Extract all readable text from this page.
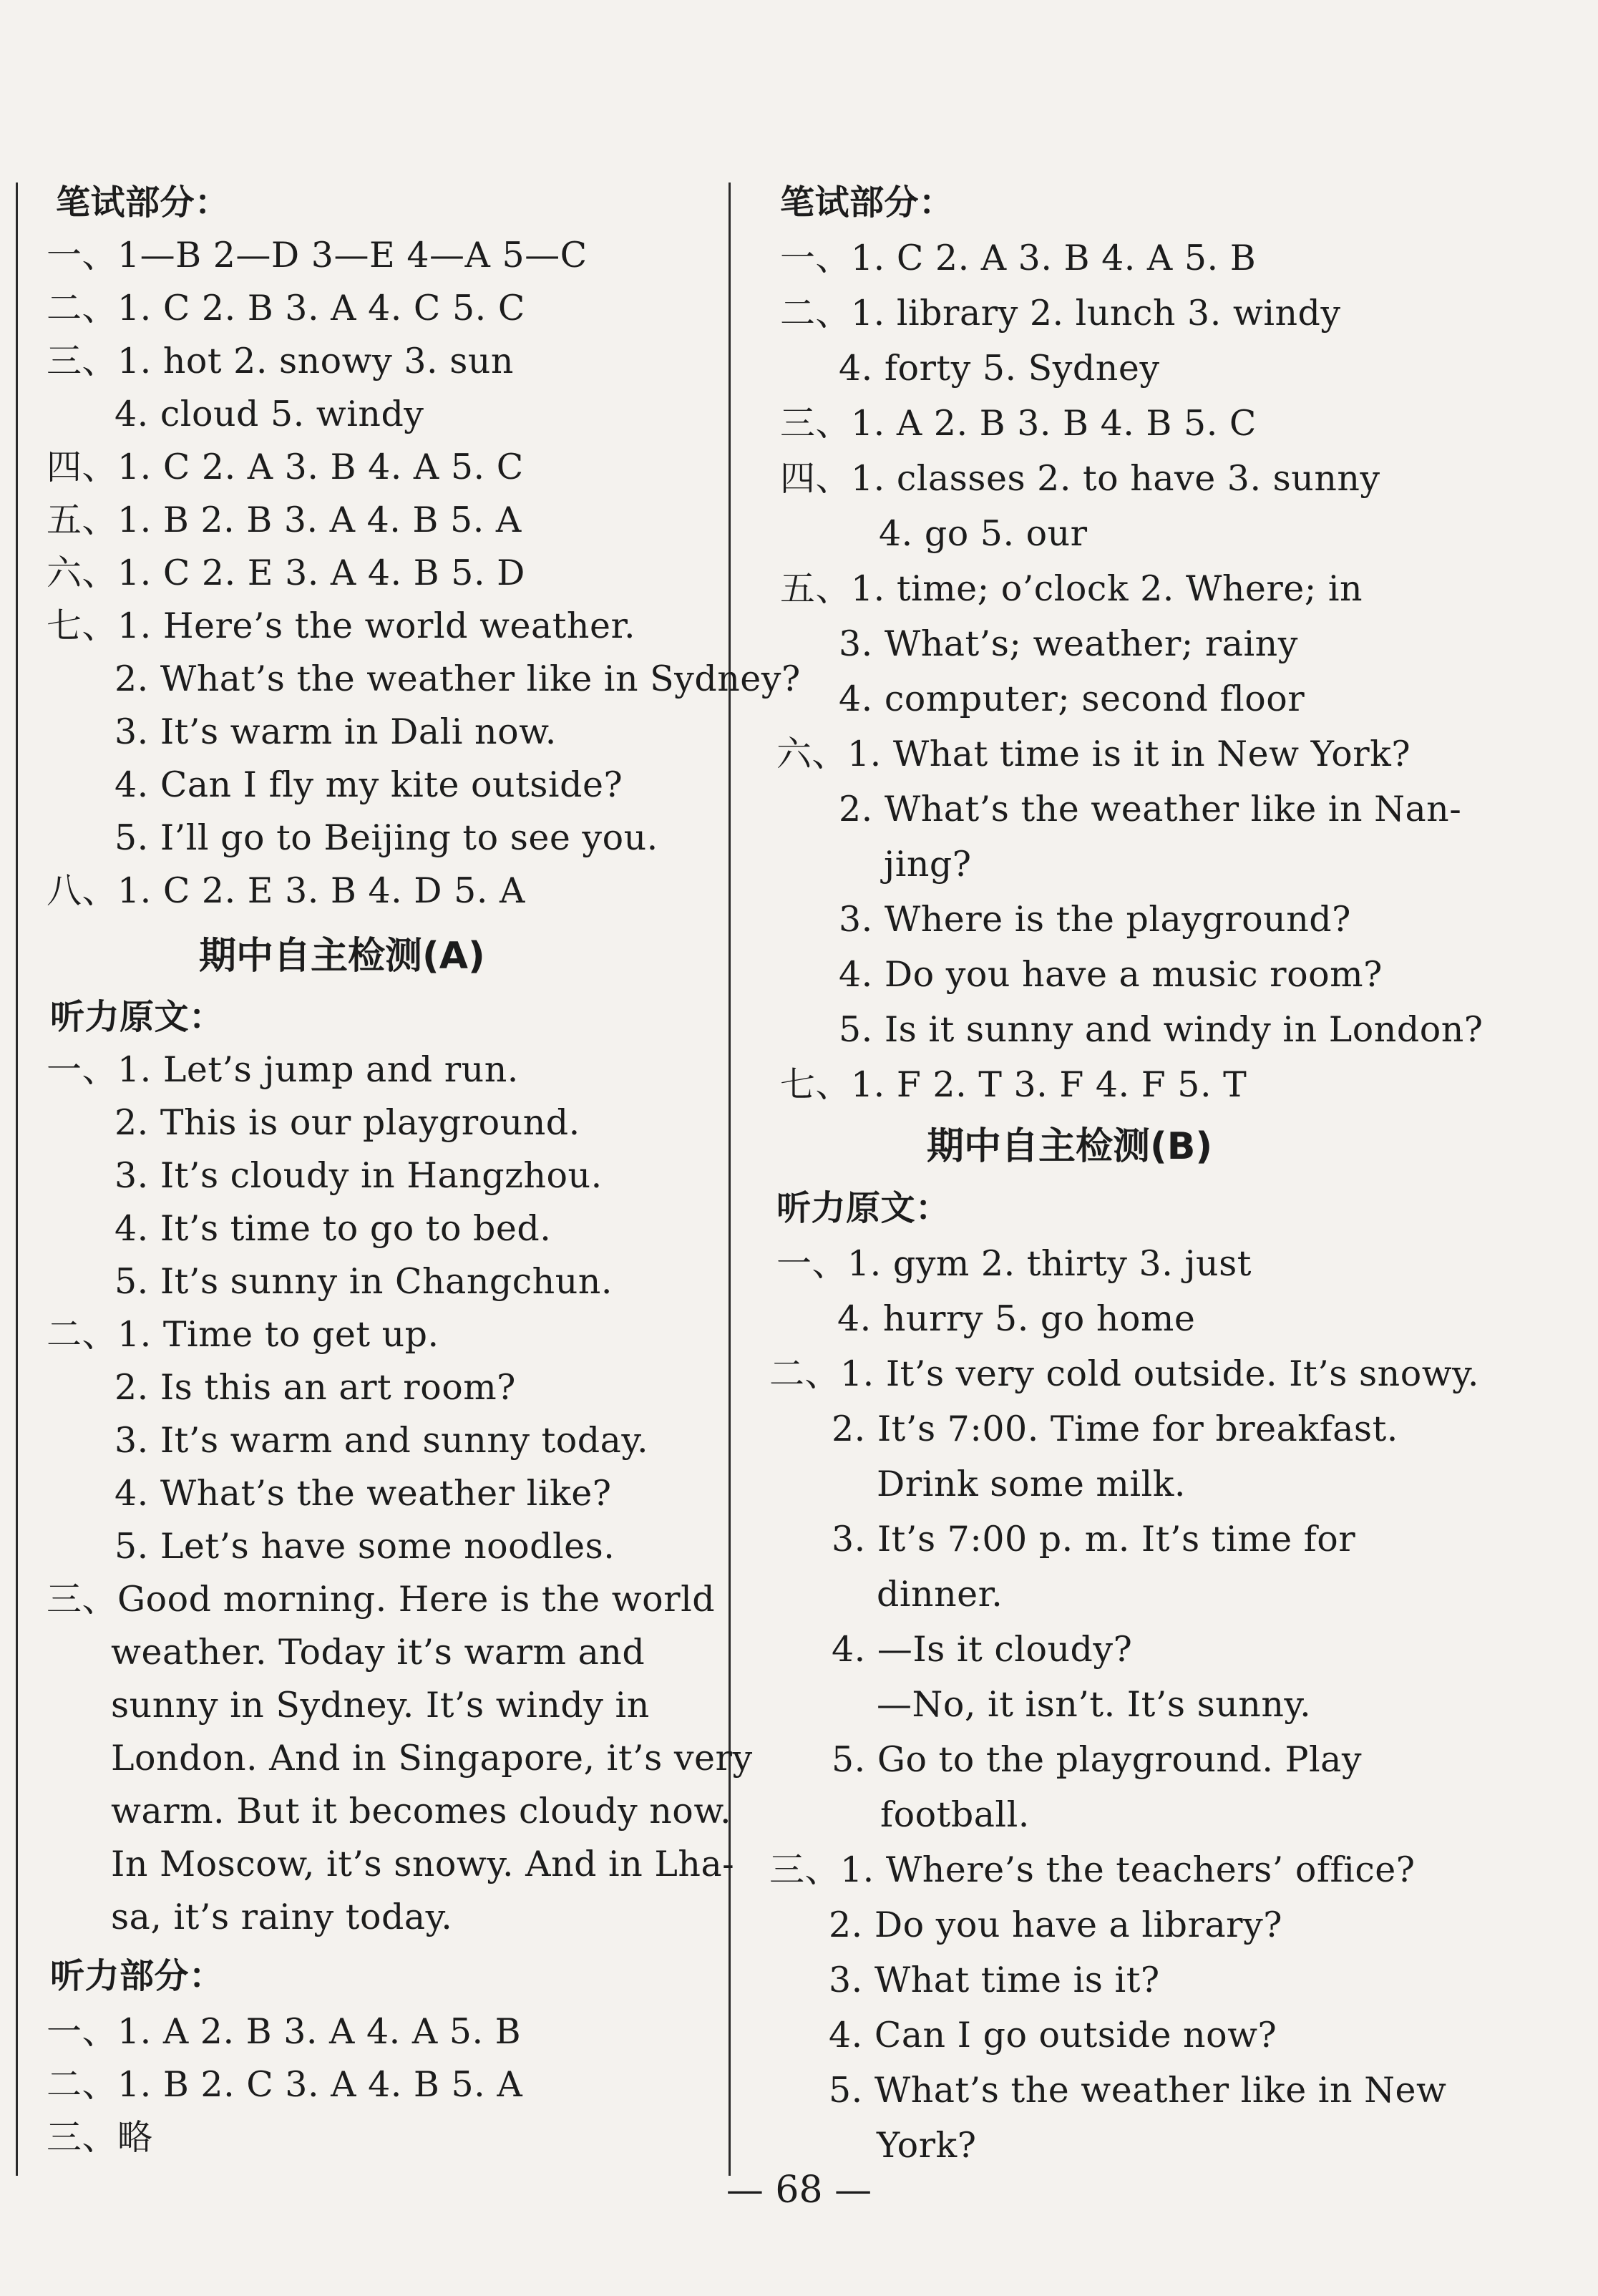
笔试部分：
一、1—B 2—D 3—E 4—A 5—C
二、1. C 2. B 3. A 4. C 5. C
三、1. hot 2. snowy 3. sun
4. cloud 5. windy
四、1. C 2. A 3. B 4. A 5. C
五、1. B 2. B 3. A 4. B 5. A
六、1. C 2. E 3. A 4. B 5. D
七、1. Here’s the world weather.
2. What’s the weather like in Sydney?
3. It’s warm in Dali now.
4. Can I fly my kite outside?
5. I’ll go to Beijing to see you.
八、1. C 2. E 3. B 4. D 5. A
期中自主检测(A)
听力原文：
一、1. Let’s jump and run.
2. This is our playground.
3. It’s cloudy in Hangzhou.
4. It’s time to go to bed.
5. It’s sunny in Changchun.
二、1. Time to get up.
2. Is this an art room?
3. It’s warm and sunny today.
4. What’s the weather like?
5. Let’s have some noodles.
三、Good morning. Here is the world
weather. Today it’s warm and
sunny in Sydney. It’s windy in
London. And in Singapore, it’s very
warm. But it becomes cloudy now.
In Moscow, it’s snowy. And in Lha-
sa, it’s rainy today.
听力部分：
一、1. A 2. B 3. A 4. A 5. B
二、1. B 2. C 3. A 4. B 5. A
三、略
笔试部分：
一、1. C 2. A 3. B 4. A 5. B
二、1. library 2. lunch 3. windy
4. forty 5. Sydney
三、1. A 2. B 3. B 4. B 5. C
四、1. classes 2. to have 3. sunny
4. go 5. our
五、1. time; o’clock 2. Where; in
3. What’s; weather; rainy
4. computer; second floor
六、1. What time is it in New York?
2. What’s the weather like in Nan-
jing?
3. Where is the playground?
4. Do you have a music room?
5. Is it sunny and windy in London?
七、1. F 2. T 3. F 4. F 5. T
期中自主检测(B)
听力原文：
一、1. gym 2. thirty 3. just
4. hurry 5. go home
二、1. It’s very cold outside. It’s snowy.
2. It’s 7:00. Time for breakfast.
Drink some milk.
3. It’s 7:00 p. m. It’s time for
dinner.
4. —Is it cloudy?
—No, it isn’t. It’s sunny.
5. Go to the playground. Play
football.
三、1. Where’s the teachers’ office?
2. Do you have a library?
3. What time is it?
4. Can I go outside now?
5. What’s the weather like in New
York?
— 68 —
